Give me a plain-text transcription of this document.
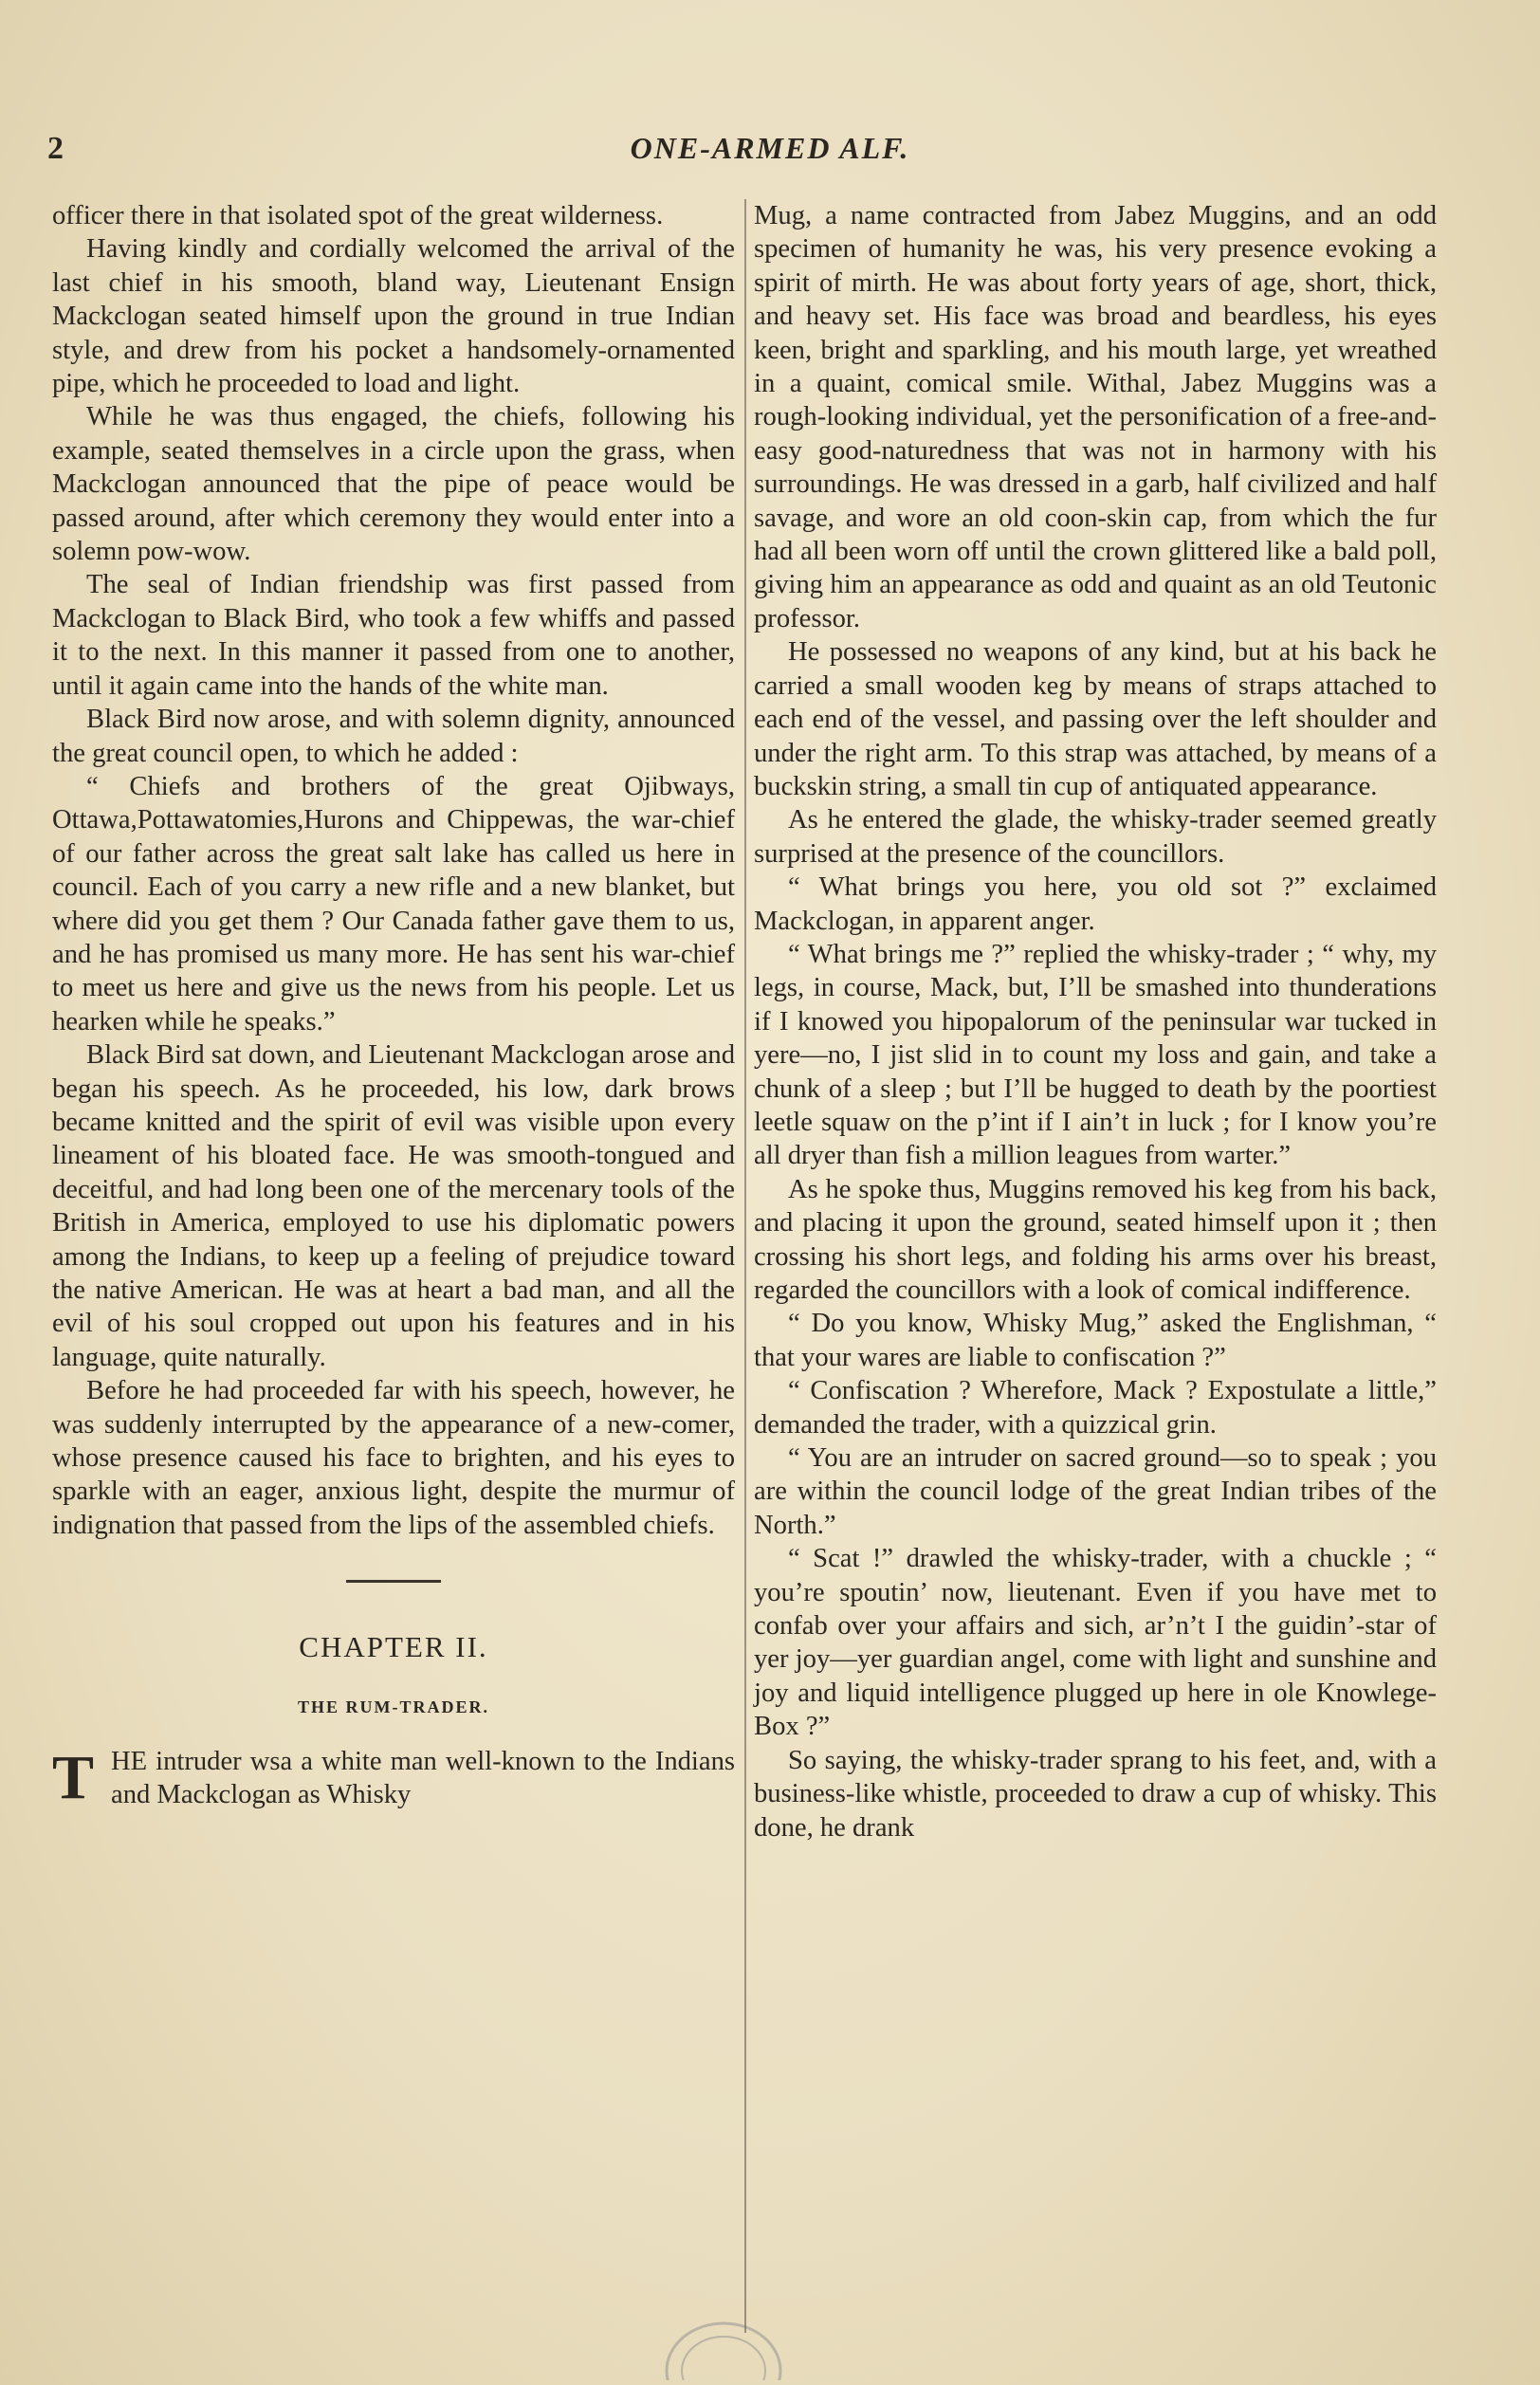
2	ONE-ARMED ALF.

officer there in that isolated spot of the great wilderness.

Having kindly and cordially welcomed the arrival of the last chief in his smooth, bland way, Lieutenant Ensign Mackclogan seated himself upon the ground in true Indian style, and drew from his pocket a handsomely-ornamented pipe, which he proceeded to load and light.

While he was thus engaged, the chiefs, following his example, seated themselves in a circle upon the grass, when Mackclogan announced that the pipe of peace would be passed around, after which ceremony they would enter into a solemn pow-wow.

The seal of Indian friendship was first passed from Mackclogan to Black Bird, who took a few whiffs and passed it to the next. In this manner it passed from one to another, until it again came into the hands of the white man.

Black Bird now arose, and with solemn dignity, announced the great council open, to which he added :

“ Chiefs and brothers of the great Ojibways, Ottawa,Pottawatomies,Hurons and Chippewas, the war-chief of our father across the great salt lake has called us here in council. Each of you carry a new rifle and a new blanket, but where did you get them ? Our Canada father gave them to us, and he has promised us many more. He has sent his war-chief to meet us here and give us the news from his people. Let us hearken while he speaks.”

Black Bird sat down, and Lieutenant Mackclogan arose and began his speech. As he proceeded, his low, dark brows became knitted and the spirit of evil was visible upon every lineament of his bloated face. He was smooth-tongued and deceitful, and had long been one of the mercenary tools of the British in America, employed to use his diplomatic powers among the Indians, to keep up a feeling of prejudice toward the native American. He was at heart a bad man, and all the evil of his soul cropped out upon his features and in his language, quite naturally.

Before he had proceeded far with his speech, however, he was suddenly interrupted by the appearance of a new-comer, whose presence caused his face to brighten, and his eyes to sparkle with an eager, anxious light, despite the murmur of indignation that passed from the lips of the assembled chiefs.

CHAPTER II.
THE RUM-TRADER.

T HE intruder wsa a white man well-known to the Indians and Mackclogan as Whisky

Mug, a name contracted from Jabez Muggins, and an odd specimen of humanity he was, his very presence evoking a spirit of mirth. He was about forty years of age, short, thick, and heavy set. His face was broad and beardless, his eyes keen, bright and sparkling, and his mouth large, yet wreathed in a quaint, comical smile. Withal, Jabez Muggins was a rough-looking individual, yet the personification of a free-and-easy good-naturedness that was not in harmony with his surroundings. He was dressed in a garb, half civilized and half savage, and wore an old coon-skin cap, from which the fur had all been worn off until the crown glittered like a bald poll, giving him an appearance as odd and quaint as an old Teutonic professor.

He possessed no weapons of any kind, but at his back he carried a small wooden keg by means of straps attached to each end of the vessel, and passing over the left shoulder and under the right arm. To this strap was attached, by means of a buckskin string, a small tin cup of antiquated appearance.

As he entered the glade, the whisky-trader seemed greatly surprised at the presence of the councillors.

“ What brings you here, you old sot ?” exclaimed Mackclogan, in apparent anger.

“ What brings me ?” replied the whisky-trader ; “ why, my legs, in course, Mack, but, I’ll be smashed into thunderations if I knowed you hipopalorum of the peninsular war tucked in yere—no, I jist slid in to count my loss and gain, and take a chunk of a sleep ; but I’ll be hugged to death by the poortiest leetle squaw on the p’int if I ain’t in luck ; for I know you’re all dryer than fish a million leagues from warter.”

As he spoke thus, Muggins removed his keg from his back, and placing it upon the ground, seated himself upon it ; then crossing his short legs, and folding his arms over his breast, regarded the councillors with a look of comical indifference.

“ Do you know, Whisky Mug,” asked the Englishman, “ that your wares are liable to confiscation ?”

“ Confiscation ? Wherefore, Mack ? Expostulate a little,” demanded the trader, with a quizzical grin.

“ You are an intruder on sacred ground—so to speak ; you are within the council lodge of the great Indian tribes of the North.”

“ Scat !” drawled the whisky-trader, with a chuckle ; “ you’re spoutin’ now, lieutenant. Even if you have met to confab over your affairs and sich, ar’n’t I the guidin’-star of yer joy—yer guardian angel, come with light and sunshine and joy and liquid intelligence plugged up here in ole Knowlege-Box ?”

So saying, the whisky-trader sprang to his feet, and, with a business-like whistle, proceeded to draw a cup of whisky. This done, he drank
